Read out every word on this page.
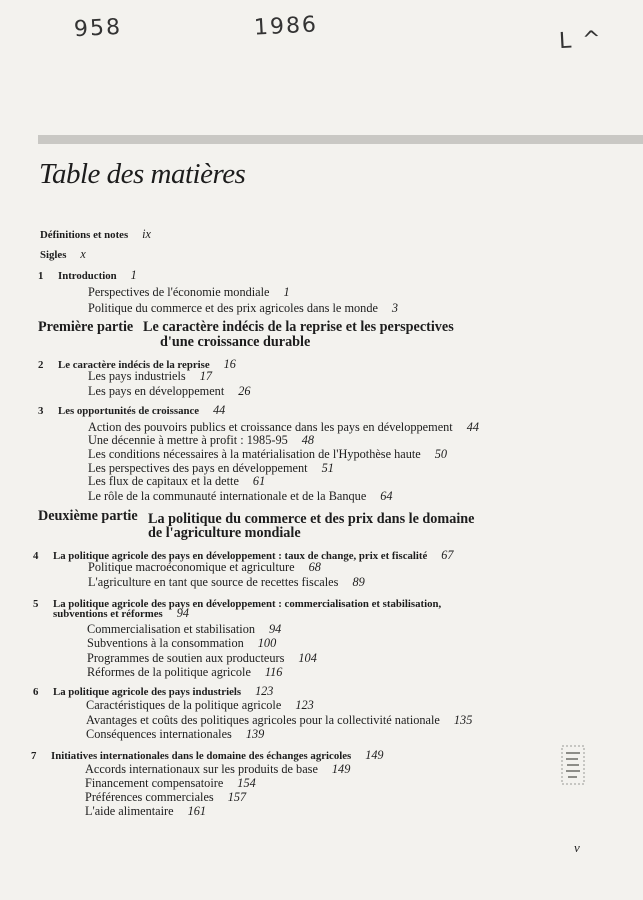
958	1986	L ^
Table des matières
Définitions et notes ix
Sigles x
1 Introduction 1
Perspectives de l'économie mondiale 1
Politique du commerce et des prix agricoles dans le monde 3
Première partie Le caractère indécis de la reprise et les perspectives
d'une croissance durable
2 Le caractère indécis de la reprise 16
Les pays industriels 17
Les pays en développement 26
3 Les opportunités de croissance 44
Action des pouvoirs publics et croissance dans les pays en développement 44
Une décennie à mettre à profit : 1985-95 48
Les conditions nécessaires à la matérialisation de l'Hypothèse haute 50
Les perspectives des pays en développement 51
Les flux de capitaux et la dette 61
Le rôle de la communauté internationale et de la Banque 64
Deuxième partie La politique du commerce et des prix dans le domaine
de l'agriculture mondiale
4 La politique agricole des pays en développement : taux de change, prix et fiscalité 67
Politique macroéconomique et agriculture 68
L'agriculture en tant que source de recettes fiscales 89
5 La politique agricole des pays en développement : commercialisation et stabilisation,
subventions et réformes 94
Commercialisation et stabilisation 94
Subventions à la consommation 100
Programmes de soutien aux producteurs 104
Réformes de la politique agricole 116
6 La politique agricole des pays industriels 123
Caractéristiques de la politique agricole 123
Avantages et coûts des politiques agricoles pour la collectivité nationale 135
Conséquences internationales 139
7 Initiatives internationales dans le domaine des échanges agricoles 149
Accords internationaux sur les produits de base 149
Financement compensatoire 154
Préférences commerciales 157
L'aide alimentaire 161
v
